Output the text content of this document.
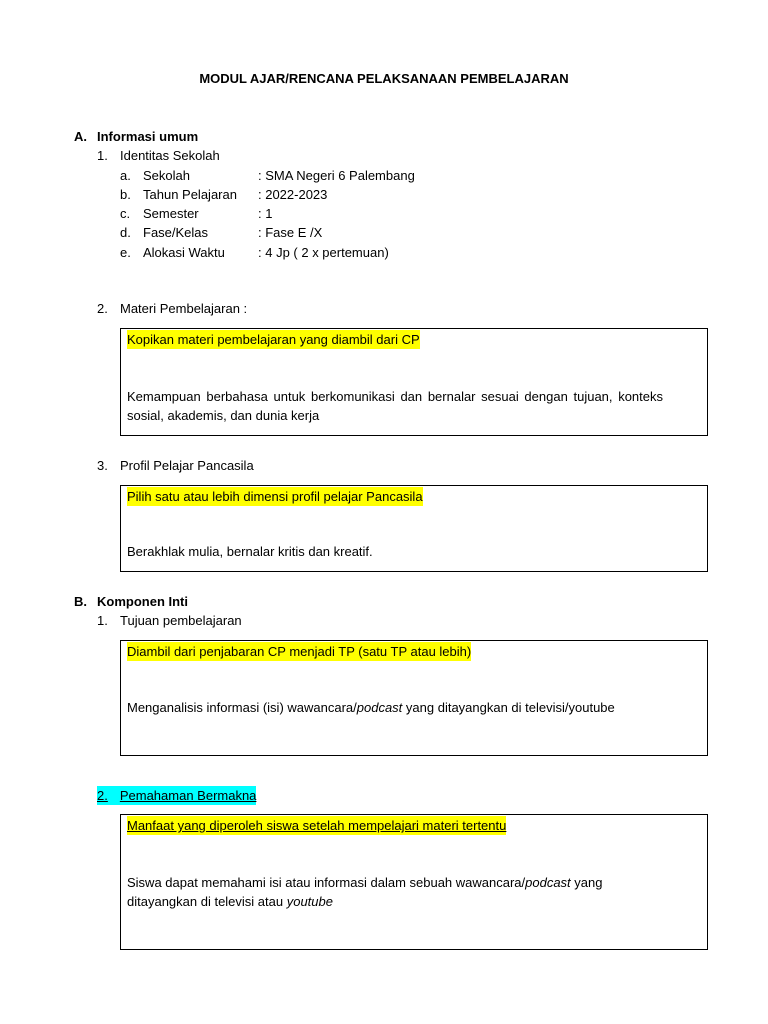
MODUL AJAR/RENCANA PELAKSANAAN PEMBELAJARAN
A. Informasi umum
1. Identitas Sekolah
a. Sekolah	: SMA Negeri 6 Palembang
b. Tahun Pelajaran : 2022-2023
c. Semester	: 1
d. Fase/Kelas	: Fase E /X
e. Alokasi Waktu	: 4 Jp ( 2 x pertemuan)
2. Materi Pembelajaran :
Kopikan materi pembelajaran yang diambil dari CP
Kemampuan berbahasa untuk berkomunikasi dan bernalar sesuai dengan tujuan, konteks sosial, akademis, dan dunia kerja
3. Profil Pelajar Pancasila
Pilih satu atau lebih dimensi profil pelajar Pancasila
Berakhlak mulia, bernalar kritis dan kreatif.
B. Komponen Inti
1. Tujuan pembelajaran
Diambil dari penjabaran CP menjadi TP (satu TP atau lebih)
Menganalisis informasi (isi) wawancara/podcast yang ditayangkan di televisi/youtube
2. Pemahaman Bermakna
Manfaat yang diperoleh siswa setelah mempelajari materi tertentu
Siswa dapat memahami isi atau informasi dalam sebuah wawancara/podcast yang ditayangkan di televisi atau youtube
